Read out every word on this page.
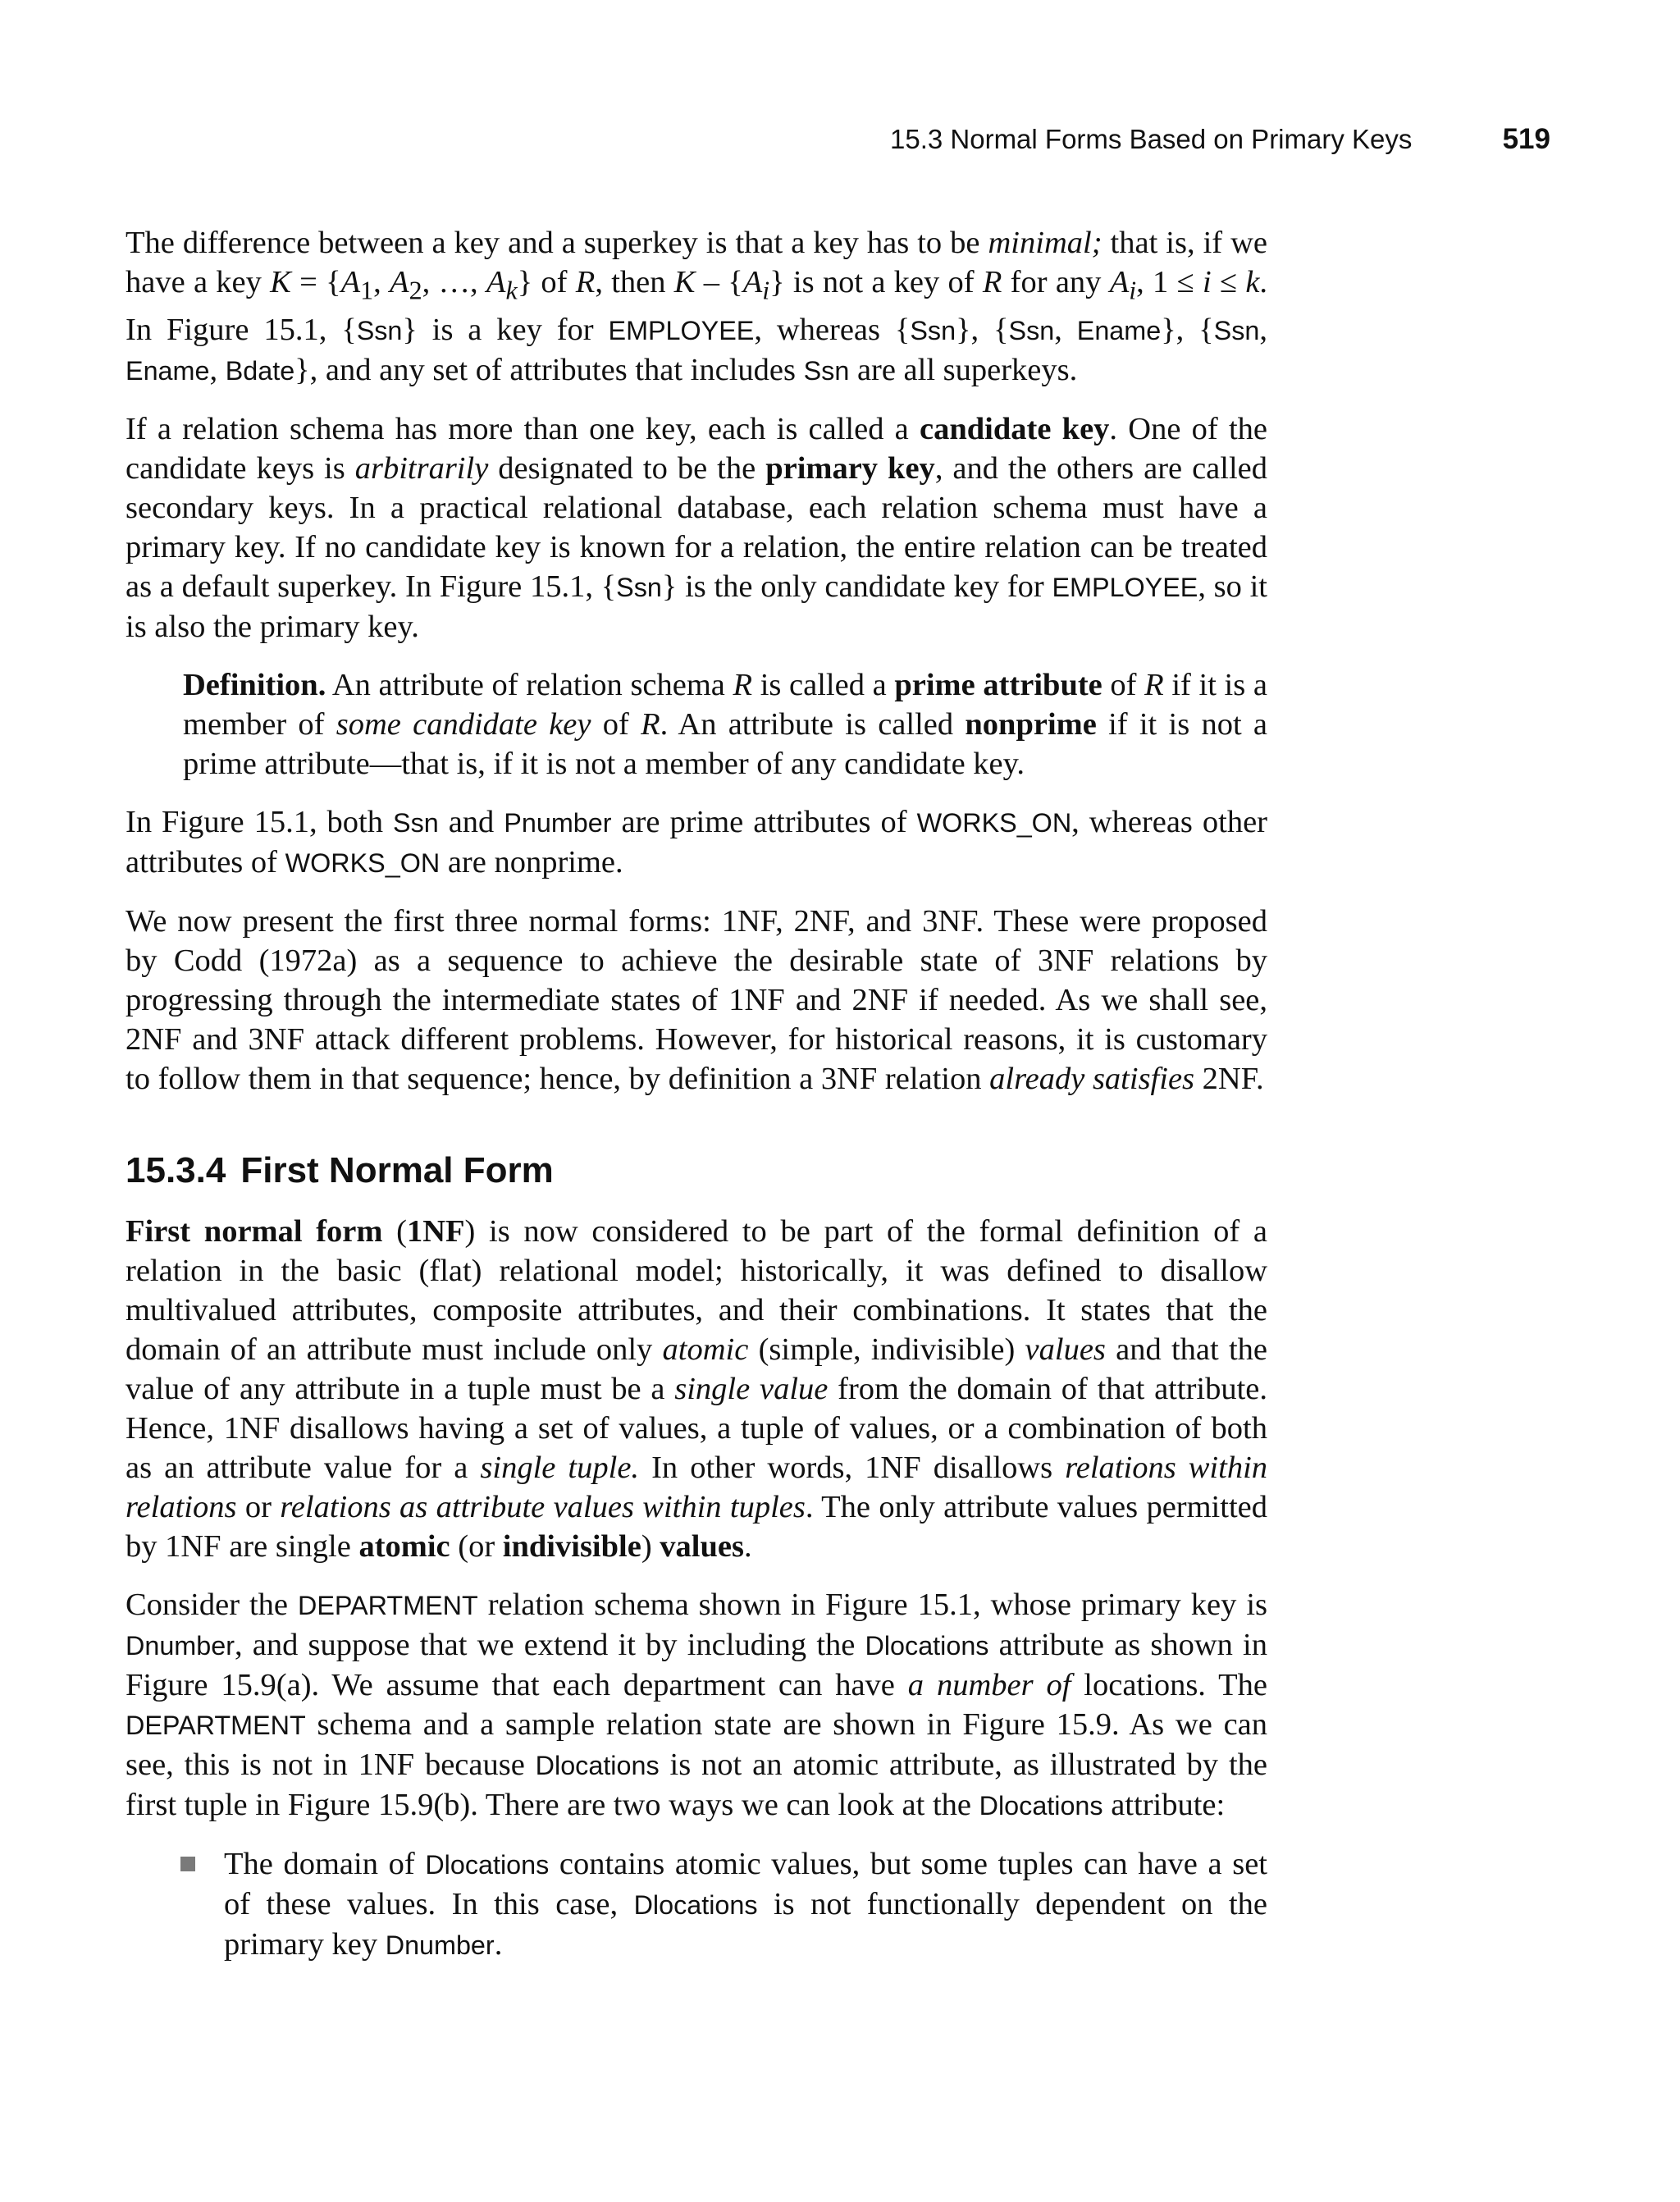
15.3 Normal Forms Based on Primary Keys	519

The difference between a key and a superkey is that a key has to be minimal; that is, if we have a key $K = \{A_1$, $A_2$, …, $A_k$} of R, then K – $\{A_i\}$ is not a key of R for any $A_i$, 1 ≤ i ≤ k. In Figure 15.1, {Ssn} is a key for EMPLOYEE, whereas {Ssn}, {Ssn, Ename}, {Ssn, Ename, Bdate}, and any set of attributes that includes Ssn are all superkeys.

If a relation schema has more than one key, each is called a candidate key. One of the candidate keys is arbitrarily designated to be the primary key, and the others are called secondary keys. In a practical relational database, each relation schema must have a primary key. If no candidate key is known for a relation, the entire relation can be treated as a default superkey. In Figure 15.1, {Ssn} is the only candidate key for EMPLOYEE, so it is also the primary key.

Definition. An attribute of relation schema R is called a prime attribute of R if it is a member of some candidate key of R. An attribute is called nonprime if it is not a prime attribute—that is, if it is not a member of any candidate key.

In Figure 15.1, both Ssn and Pnumber are prime attributes of WORKS_ON, whereas other attributes of WORKS_ON are nonprime.

We now present the first three normal forms: 1NF, 2NF, and 3NF. These were proposed by Codd (1972a) as a sequence to achieve the desirable state of 3NF relations by progressing through the intermediate states of 1NF and 2NF if needed. As we shall see, 2NF and 3NF attack different problems. However, for historical reasons, it is customary to follow them in that sequence; hence, by definition a 3NF relation already satisfies 2NF.

15.3.4 First Normal Form

First normal form (1NF) is now considered to be part of the formal definition of a relation in the basic (flat) relational model; historically, it was defined to disallow multivalued attributes, composite attributes, and their combinations. It states that the domain of an attribute must include only atomic (simple, indivisible) values and that the value of any attribute in a tuple must be a single value from the domain of that attribute. Hence, 1NF disallows having a set of values, a tuple of values, or a combination of both as an attribute value for a single tuple. In other words, 1NF disallows relations within relations or relations as attribute values within tuples. The only attribute values permitted by 1NF are single atomic (or indivisible) values.

Consider the DEPARTMENT relation schema shown in Figure 15.1, whose primary key is Dnumber, and suppose that we extend it by including the Dlocations attribute as shown in Figure 15.9(a). We assume that each department can have a number of locations. The DEPARTMENT schema and a sample relation state are shown in Figure 15.9. As we can see, this is not in 1NF because Dlocations is not an atomic attribute, as illustrated by the first tuple in Figure 15.9(b). There are two ways we can look at the Dlocations attribute:

The domain of Dlocations contains atomic values, but some tuples can have a set of these values. In this case, Dlocations is not functionally dependent on the primary key Dnumber.
